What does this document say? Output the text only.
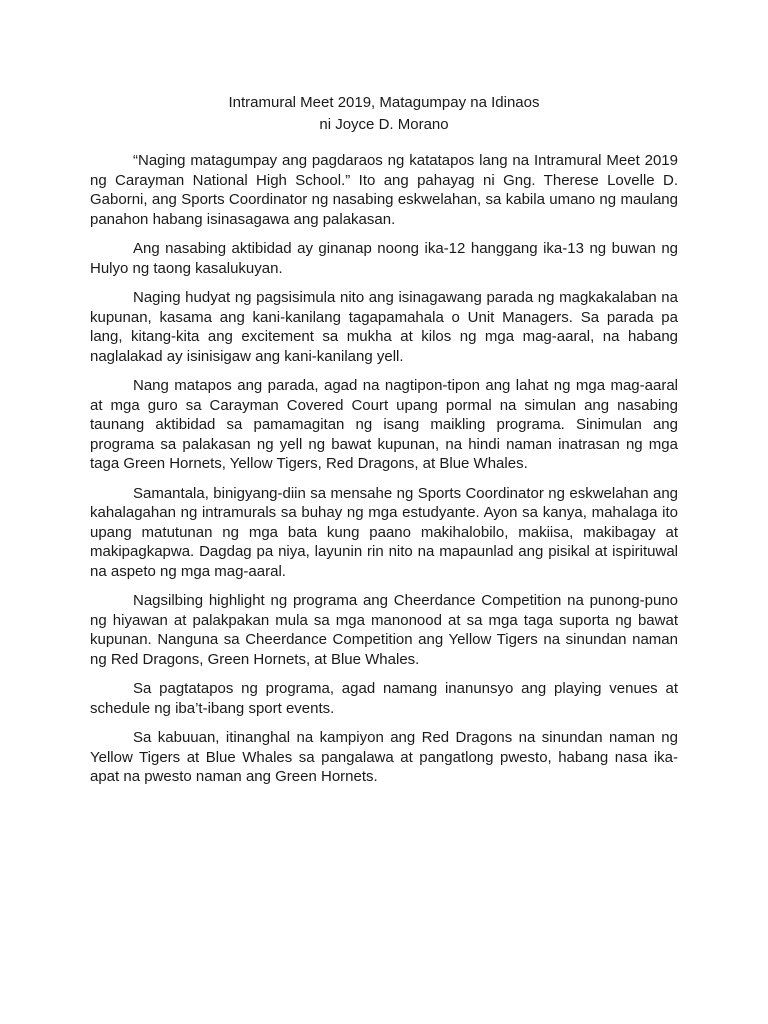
Intramural Meet 2019, Matagumpay na Idinaos
ni Joyce D. Morano

“Naging matagumpay ang pagdaraos ng katatapos lang na Intramural Meet 2019 ng Carayman National High School.” Ito ang pahayag ni Gng. Therese Lovelle D. Gaborni, ang Sports Coordinator ng nasabing eskwelahan, sa kabila umano ng maulang panahon habang isinasagawa ang palakasan.

Ang nasabing aktibidad ay ginanap noong ika-12 hanggang ika-13 ng buwan ng Hulyo ng taong kasalukuyan.

Naging hudyat ng pagsisimula nito ang isinagawang parada ng magkakalaban na kupunan, kasama ang kani-kanilang tagapamahala o Unit Managers. Sa parada pa lang, kitang-kita ang excitement sa mukha at kilos ng mga mag-aaral, na habang naglalakad ay isinisigaw ang kani-kanilang yell.

Nang matapos ang parada, agad na nagtipon-tipon ang lahat ng mga mag-aaral at mga guro sa Carayman Covered Court upang pormal na simulan ang nasabing taunang aktibidad sa pamamagitan ng isang maikling programa. Sinimulan ang programa sa palakasan ng yell ng bawat kupunan, na hindi naman inatrasan ng mga taga Green Hornets, Yellow Tigers, Red Dragons, at Blue Whales.

Samantala, binigyang-diin sa mensahe ng Sports Coordinator ng eskwelahan ang kahalagahan ng intramurals sa buhay ng mga estudyante. Ayon sa kanya, mahalaga ito upang matutunan ng mga bata kung paano makihalobilo, makiisa, makibagay at makipagkapwa. Dagdag pa niya, layunin rin nito na mapaunlad ang pisikal at ispirituwal na aspeto ng mga mag-aaral.

Nagsilbing highlight ng programa ang Cheerdance Competition na punong-puno ng hiyawan at palakpakan mula sa mga manonood at sa mga taga suporta ng bawat kupunan. Nanguna sa Cheerdance Competition ang Yellow Tigers na sinundan naman ng Red Dragons, Green Hornets, at Blue Whales.

Sa pagtatapos ng programa, agad namang inanunsyo ang playing venues at schedule ng iba’t-ibang sport events.

Sa kabuuan, itinanghal na kampiyon ang Red Dragons na sinundan naman ng Yellow Tigers at Blue Whales sa pangalawa at pangatlong pwesto, habang nasa ika-apat na pwesto naman ang Green Hornets.
